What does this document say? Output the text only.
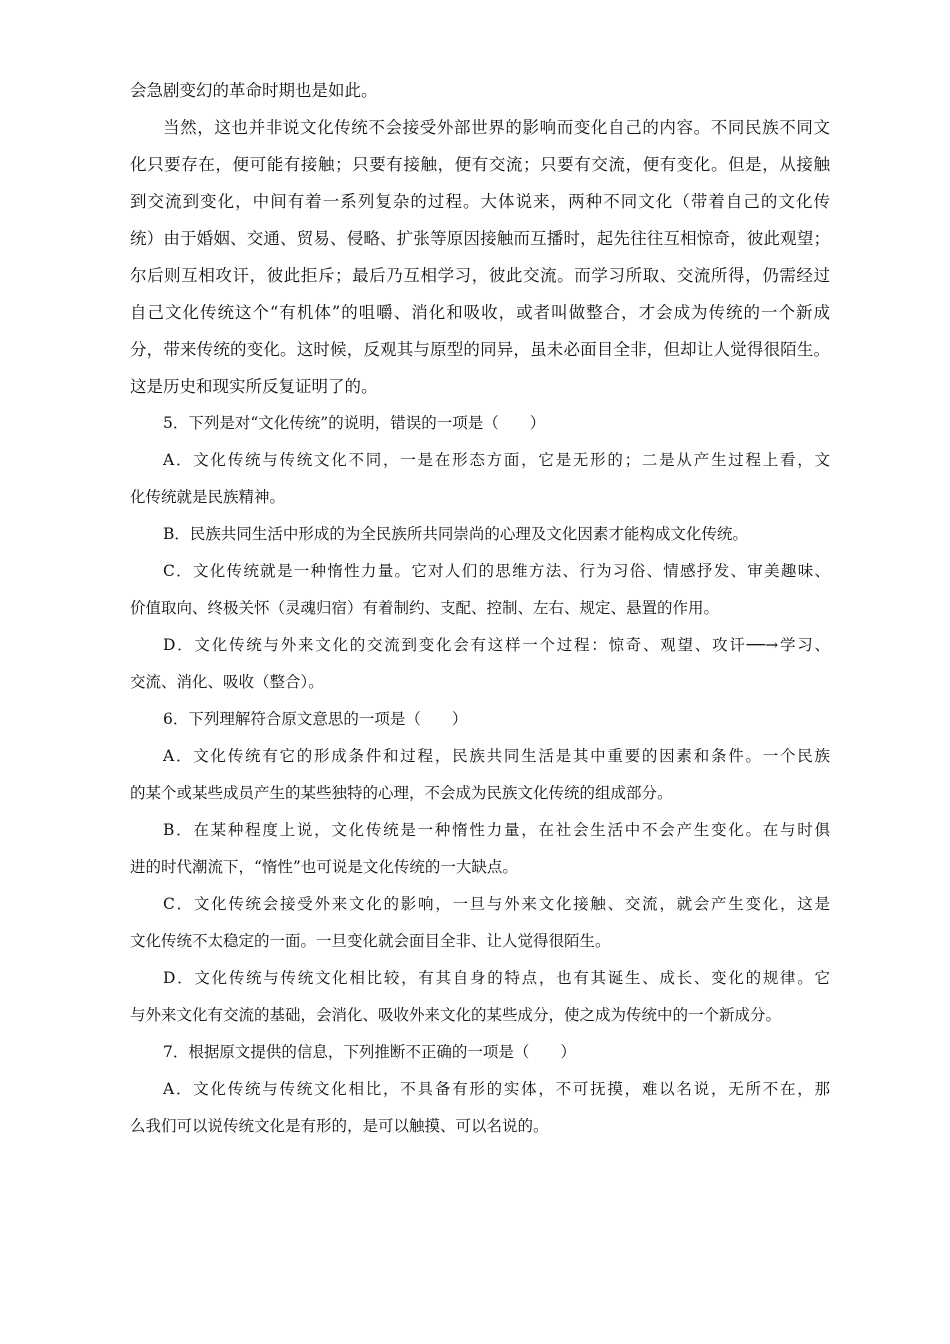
会急剧变幻的革命时期也是如此。
当然，这也并非说文化传统不会接受外部世界的影响而变化自己的内容。不同民族不同文
化只要存在，便可能有接触；只要有接触，便有交流；只要有交流，便有变化。但是，从接触
到交流到变化，中间有着一系列复杂的过程。大体说来，两种不同文化（带着自己的文化传
统）由于婚姻、交通、贸易、侵略、扩张等原因接触而互播时，起先往往互相惊奇，彼此观望；
尔后则互相攻讦，彼此拒斥；最后乃互相学习，彼此交流。而学习所取、交流所得，仍需经过
自己文化传统这个“有机体”的咀嚼、消化和吸收，或者叫做整合，才会成为传统的一个新成
分，带来传统的变化。这时候，反观其与原型的同异，虽未必面目全非，但却让人觉得很陌生。
这是历史和现实所反复证明了的。
5．下列是对“文化传统”的说明，错误的一项是（　　）
A．文化传统与传统文化不同，一是在形态方面，它是无形的；二是从产生过程上看，文
化传统就是民族精神。
B．民族共同生活中形成的为全民族所共同崇尚的心理及文化因素才能构成文化传统。
C．文化传统就是一种惰性力量。它对人们的思维方法、行为习俗、情感抒发、审美趣味、
价值取向、终极关怀（灵魂归宿）有着制约、支配、控制、左右、规定、悬置的作用。
D．文化传统与外来文化的交流到变化会有这样一个过程：惊奇、观望、攻讦──→学习、
交流、消化、吸收（整合）。
6．下列理解符合原文意思的一项是（　　）
A．文化传统有它的形成条件和过程，民族共同生活是其中重要的因素和条件。一个民族
的某个或某些成员产生的某些独特的心理，不会成为民族文化传统的组成部分。
B．在某种程度上说，文化传统是一种惰性力量，在社会生活中不会产生变化。在与时俱
进的时代潮流下，“惰性”也可说是文化传统的一大缺点。
C．文化传统会接受外来文化的影响，一旦与外来文化接触、交流，就会产生变化，这是
文化传统不太稳定的一面。一旦变化就会面目全非、让人觉得很陌生。
D．文化传统与传统文化相比较，有其自身的特点，也有其诞生、成长、变化的规律。它
与外来文化有交流的基础，会消化、吸收外来文化的某些成分，使之成为传统中的一个新成分。
7．根据原文提供的信息，下列推断不正确的一项是（　　）
A．文化传统与传统文化相比，不具备有形的实体，不可抚摸，难以名说，无所不在，那
么我们可以说传统文化是有形的，是可以触摸、可以名说的。
